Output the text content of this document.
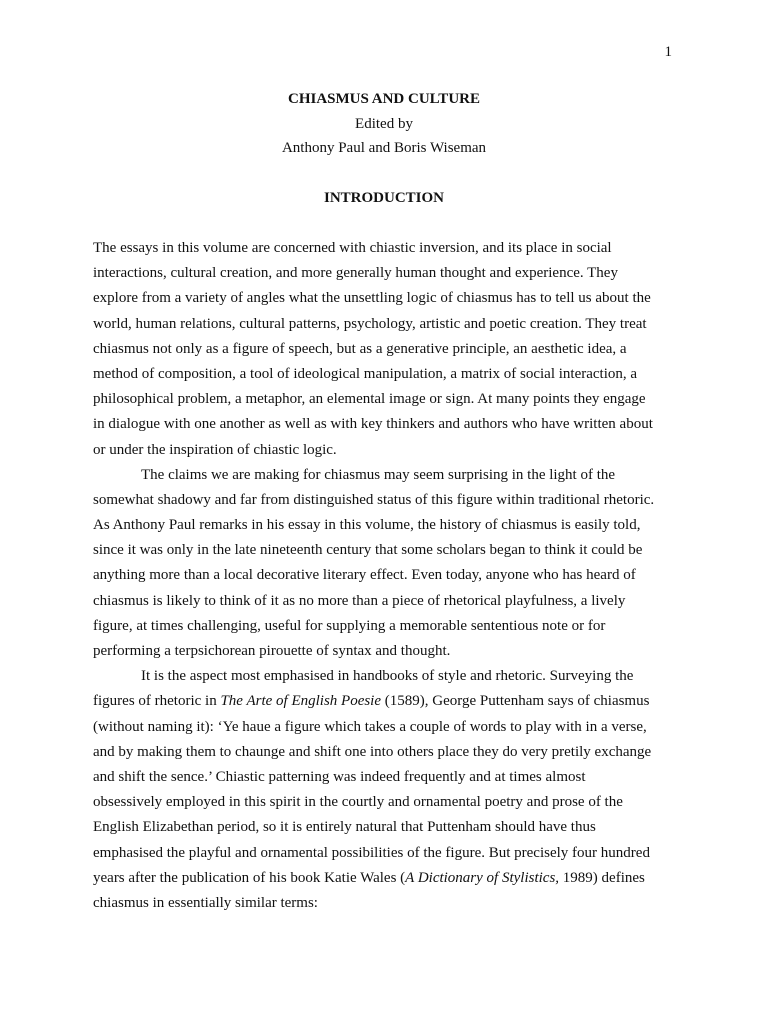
1
CHIASMUS AND CULTURE
Edited by
Anthony Paul and Boris Wiseman
INTRODUCTION
The essays in this volume are concerned with chiastic inversion, and its place in social
interactions, cultural creation, and more generally human thought and experience. They
explore from a variety of angles what the unsettling logic of chiasmus has to tell us about the
world, human relations, cultural patterns, psychology, artistic and poetic creation. They treat
chiasmus not only as a figure of speech, but as a generative principle, an aesthetic idea, a
method of composition, a tool of ideological manipulation, a matrix of social interaction, a
philosophical problem, a metaphor, an elemental image or sign. At many points they engage
in dialogue with one another as well as with key thinkers and authors who have written about
or under the inspiration of chiastic logic.
The claims we are making for chiasmus may seem surprising in the light of the
somewhat shadowy and far from distinguished status of this figure within traditional rhetoric.
As Anthony Paul remarks in his essay in this volume, the history of chiasmus is easily told,
since it was only in the late nineteenth century that some scholars began to think it could be
anything more than a local decorative literary effect. Even today, anyone who has heard of
chiasmus is likely to think of it as no more than a piece of rhetorical playfulness, a lively
figure, at times challenging, useful for supplying a memorable sententious note or for
performing a terpsichorean pirouette of syntax and thought.
It is the aspect most emphasised in handbooks of style and rhetoric. Surveying the
figures of rhetoric in The Arte of English Poesie (1589), George Puttenham says of chiasmus
(without naming it): ‘Ye haue a figure which takes a couple of words to play with in a verse,
and by making them to chaunge and shift one into others place they do very pretily exchange
and shift the sence.’ Chiastic patterning was indeed frequently and at times almost
obsessively employed in this spirit in the courtly and ornamental poetry and prose of the
English Elizabethan period, so it is entirely natural that Puttenham should have thus
emphasised the playful and ornamental possibilities of the figure. But precisely four hundred
years after the publication of his book Katie Wales (A Dictionary of Stylistics, 1989) defines
chiasmus in essentially similar terms:
